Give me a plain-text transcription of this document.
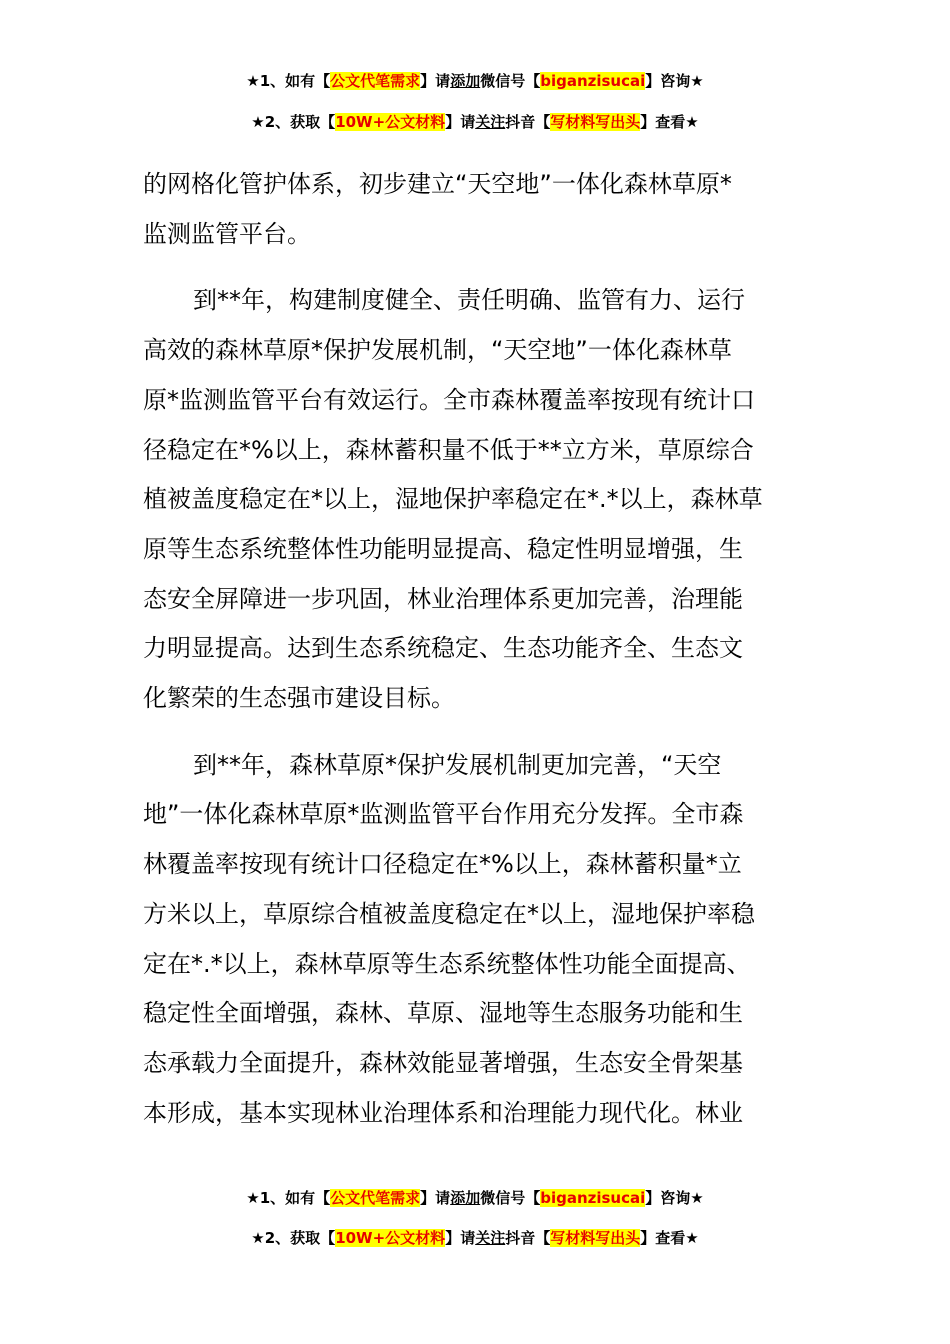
★1、如有【公文代笔需求】请添加微信号【biganzisucai】咨询★
★2、获取【10W+公文材料】请关注抖音【写材料写出头】查看★

的网格化管护体系，初步建立“天空地”一体化森林草原*
监测监管平台。

到**年，构建制度健全、责任明确、监管有力、运行
高效的森林草原*保护发展机制，“天空地”一体化森林草
原*监测监管平台有效运行。全市森林覆盖率按现有统计口
径稳定在*%以上，森林蓄积量不低于**立方米，草原综合
植被盖度稳定在*以上，湿地保护率稳定在*.*以上，森林草
原等生态系统整体性功能明显提高、稳定性明显增强，生
态安全屏障进一步巩固，林业治理体系更加完善，治理能
力明显提高。达到生态系统稳定、生态功能齐全、生态文
化繁荣的生态强市建设目标。

到**年，森林草原*保护发展机制更加完善，“天空
地”一体化森林草原*监测监管平台作用充分发挥。全市森
林覆盖率按现有统计口径稳定在*%以上，森林蓄积量*立
方米以上，草原综合植被盖度稳定在*以上，湿地保护率稳
定在*.*以上，森林草原等生态系统整体性功能全面提高、
稳定性全面增强，森林、草原、湿地等生态服务功能和生
态承载力全面提升，森林效能显著增强，生态安全骨架基
本形成，基本实现林业治理体系和治理能力现代化。林业

★1、如有【公文代笔需求】请添加微信号【biganzisucai】咨询★
★2、获取【10W+公文材料】请关注抖音【写材料写出头】查看★
